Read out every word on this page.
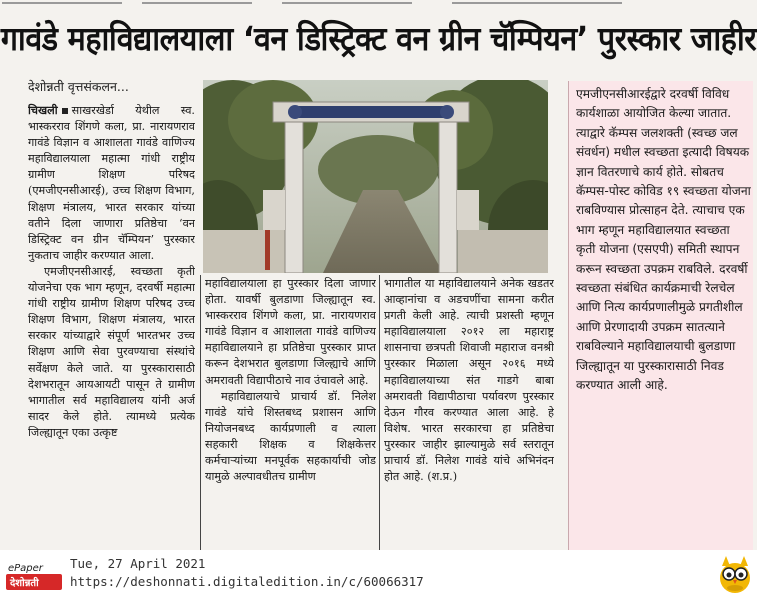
गावंडे महाविद्यालयाला ‘वन डिस्ट्रिक्ट वन ग्रीन चॅम्पियन’ पुरस्कार जाहीर
देशोन्नती वृत्तसंकलन...

चिखली साखरखेर्डा येथील स्व. भास्करराव शिंगणे कला, प्रा. नारायणराव गावंडे विज्ञान व आशालता गावंडे वाणिज्य महाविद्यालयाला महात्मा गांधी राष्ट्रीय ग्रामीण शिक्षण परिषद (एमजीएनसीआरई), उच्च शिक्षण विभाग, शिक्षण मंत्रालय, भारत सरकार यांच्या वतीने दिला जाणारा प्रतिष्ठेचा ‘वन डिस्ट्रिक्ट वन ग्रीन चॅम्पियन’ पुरस्कार नुकताच जाहीर करण्यात आला.

एमजीएनसीआरई, स्वच्छता कृती योजनेचा एक भाग म्हणून, दरवर्षी महात्मा गांधी राष्ट्रीय ग्रामीण शिक्षण परिषद उच्च शिक्षण विभाग, शिक्षण मंत्रालय, भारत सरकार यांच्याद्वारे संपूर्ण भारतभर उच्च शिक्षण आणि सेवा पुरवण्याचा संस्थांचे सर्वेक्षण केले जाते. या पुरस्कारासाठी देशभरातून आयआयटी पासून ते ग्रामीण भागातील सर्व महाविद्यालय यांनी अर्ज सादर केले होते. त्यामध्ये प्रत्येक जिल्ह्यातून एका उत्कृष्ट

महाविद्यालयाला हा पुरस्कार दिला जाणार होता. यावर्षी बुलडाणा जिल्ह्यातून स्व. भास्करराव शिंगणे कला, प्रा. नारायणराव गावंडे विज्ञान व आशालता गावंडे वाणिज्य महाविद्यालयाने हा प्रतिष्ठेचा पुरस्कार प्राप्त करून देशभरात बुलडाणा जिल्ह्याचे आणि अमरावती विद्यापीठाचे नाव उंचावले आहे.

महाविद्यालयाचे प्राचार्य डॉ. निलेश गावंडे यांचे शिस्तबध्द प्रशासन आणि नियोजनबध्द कार्यप्रणाली व त्याला सहकारी शिक्षक व शिक्षकेत्तर कर्मचाऱ्यांच्या मनपूर्वक सहकार्याची जोड यामुळे अल्पावधीतच ग्रामीण

भागातील या महाविद्यालयाने अनेक खडतर आव्हानांचा व अडचणींचा सामना करीत प्रगती केली आहे. त्याची प्रशस्ती म्हणून महाविद्यालयाला २०१२ ला महाराष्ट्र शासनाचा छत्रपती शिवाजी महाराज वनश्री पुरस्कार मिळाला असून २०१६ मध्ये महाविद्यालयाच्या संत गाडगे बाबा अमरावती विद्यापीठाचा पर्यावरण पुरस्कार देऊन गौरव करण्यात आला आहे. हे विशेष. भारत सरकारचा हा प्रतिष्ठेचा पुरस्कार जाहीर झाल्यामुळे सर्व स्तरातून प्राचार्य डॉ. निलेश गावंडे यांचे अभिनंदन होत आहे. (श.प्र.)

एमजीएनसीआरईद्वारे दरवर्षी विविध कार्यशाळा आयोजित केल्या जातात. त्याद्वारे कॅम्पस जलशक्ती (स्वच्छ जल संवर्धन) मधील स्वच्छता इत्यादी विषयक ज्ञान वितरणाचे कार्य होते. सोबतच कॅम्पस-पोस्ट कोविड १९ स्वच्छता योजना राबविण्यास प्रोत्साहन देते. त्याचाच एक भाग म्हणून महाविद्यालयात स्वच्छता कृती योजना (एसएपी) समिती स्थापन करून स्वच्छता उपक्रम राबविले. दरवर्षी स्वच्छता संबंधित कार्यक्रमाची रेलचेल आणि नित्य कार्यप्रणालीमुळे प्रगतीशील आणि प्रेरणादायी उपक्रम सातत्याने राबविल्याने महाविद्यालयाची बुलडाणा जिल्ह्यातून या पुरस्कारासाठी निवड करण्यात आली आहे.
ePaper
देशोन्नती
Tue, 27 April 2021
https://deshonnati.digitaledition.in/c/60066317
